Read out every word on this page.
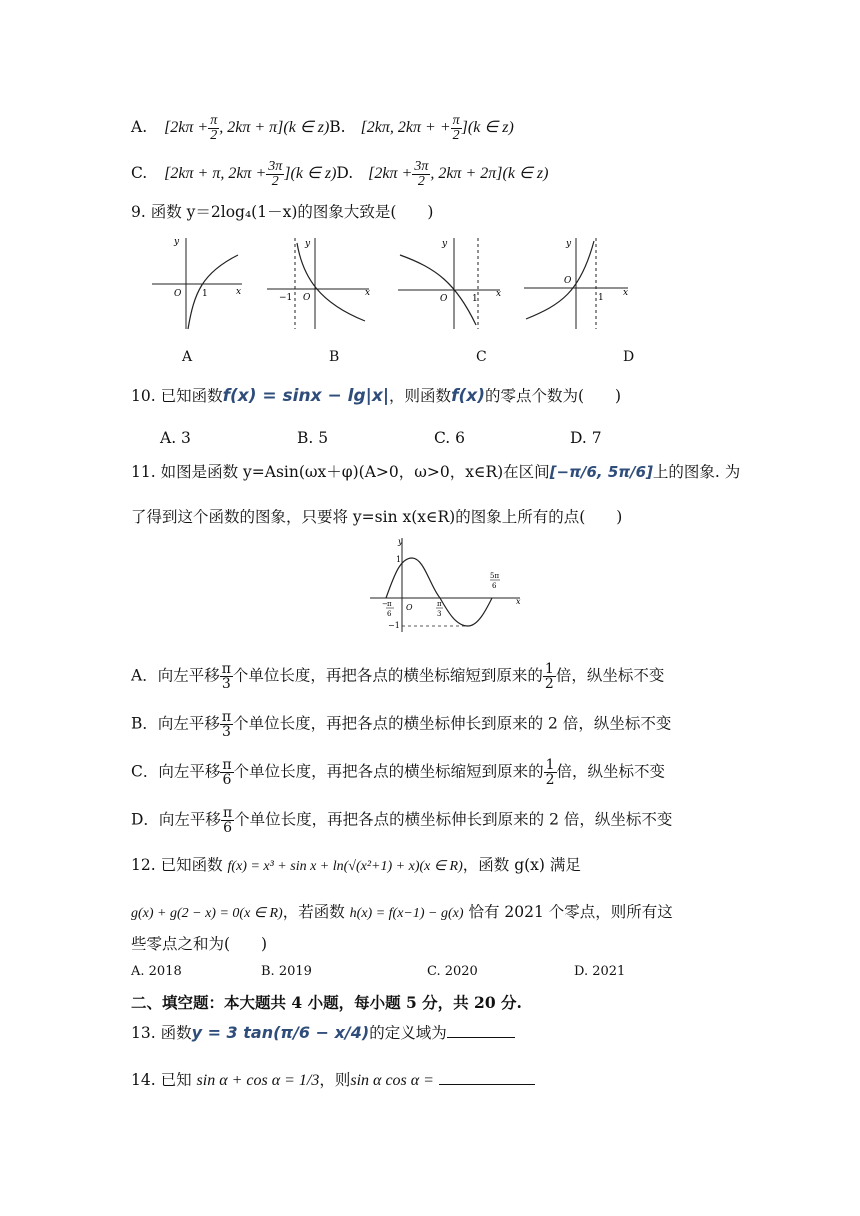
A. [$2k\pi + \frac{\pi}{2}$ , 2kπ + π](k ∈ z)B. [2kπ, 2kπ + + $\frac{\pi}{2} ](k$ ∈ z)
C. [2kπ + π, $2k\pi + \frac{3\pi}{2} ](k$ ∈ z)D. [$2k\pi + \frac{3\pi}{2}$ , 2kπ + 2π](k ∈ z)
9. 函数 y＝2log₄(1－x)的图象大致是(　　)
y
x
O 1
y
x
O
−1
y
x
O	1
y
x
O
1
A	B	C	D
10. 已知函数f(x) = sinx − lg|x|，则函数f(x)的零点个数为(　　)
A. 3	B. 5	C. 6	D. 7
11. 如图是函数 y=Asin(ωx＋φ)(A>0，ω>0，x∈R)在区间[−π/6, 5π/6]上的图象. 为
了得到这个函数的图象，只要将 y=sin x(x∈R)的图象上所有的点(　　)
y
x
1
O
−1
− π
6
π
3
5π
6
A．向左平移 $\frac{\pi}{3}$ 个单位长度，再把各点的横坐标缩短到原来的 $\frac{1}{2}$ 倍，纵坐标不变
B．向左平移 $\frac{\pi}{3}$ 个单位长度，再把各点的横坐标伸长到原来的 2 倍，纵坐标不变
C．向左平移 $\frac{\pi}{6}$ 个单位长度，再把各点的横坐标缩短到原来的 $\frac{1}{2}$ 倍，纵坐标不变
D．向左平移 $\frac{\pi}{6}$ 个单位长度，再把各点的横坐标伸长到原来的 2 倍，纵坐标不变
12. 已知函数 f(x) = x³ + sin x + ln(√(x²+1) + x)(x ∈ R)，函数 g(x) 满足
g(x) + g(2 − x) = 0(x ∈ R)，若函数 h(x) = f(x−1) − g(x) 恰有 2021 个零点，则所有这
些零点之和为(　　)
A. 2018	B. 2019	C. 2020	D. 2021
二、填空题：本大题共 4 小题，每小题 5 分，共 20 分.
13. 函数y = 3 tan(π/6 − x/4)的定义域为
14. 已知 sin α + cos α = 1/3，则sin α cos α =
